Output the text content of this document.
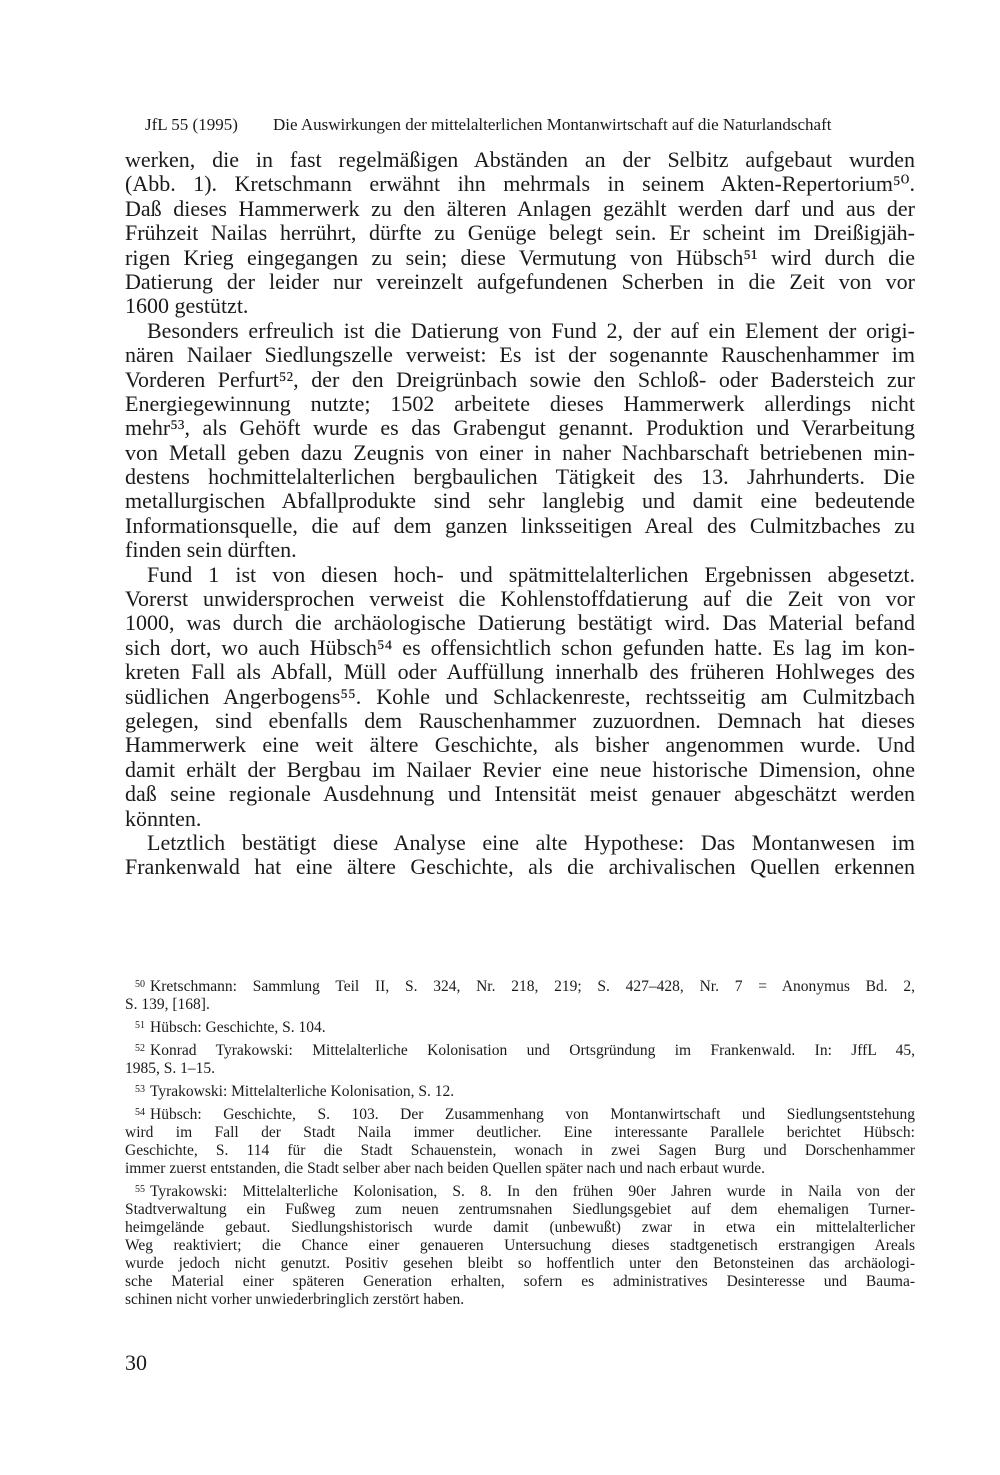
JfL 55 (1995) Die Auswirkungen der mittelalterlichen Montanwirtschaft auf die Naturlandschaft

werken, die in fast regelmäßigen Abständen an der Selbitz aufgebaut wurden
(Abb. 1). Kretschmann erwähnt ihn mehrmals in seinem Akten-Repertorium⁵⁰.
Daß dieses Hammerwerk zu den älteren Anlagen gezählt werden darf und aus der
Frühzeit Nailas herrührt, dürfte zu Genüge belegt sein. Er scheint im Dreißigjäh-
rigen Krieg eingegangen zu sein; diese Vermutung von Hübsch⁵¹ wird durch die
Datierung der leider nur vereinzelt aufgefundenen Scherben in die Zeit von vor
1600 gestützt.

Besonders erfreulich ist die Datierung von Fund 2, der auf ein Element der origi-
nären Nailaer Siedlungszelle verweist: Es ist der sogenannte Rauschenhammer im
Vorderen Perfurt⁵², der den Dreigrünbach sowie den Schloß- oder Badersteich zur
Energiegewinnung nutzte; 1502 arbeitete dieses Hammerwerk allerdings nicht
mehr⁵³, als Gehöft wurde es das Grabengut genannt. Produktion und Verarbeitung
von Metall geben dazu Zeugnis von einer in naher Nachbarschaft betriebenen min-
destens hochmittelalterlichen bergbaulichen Tätigkeit des 13. Jahrhunderts. Die
metallurgischen Abfallprodukte sind sehr langlebig und damit eine bedeutende
Informationsquelle, die auf dem ganzen linksseitigen Areal des Culmitzbaches zu
finden sein dürften.

Fund 1 ist von diesen hoch- und spätmittelalterlichen Ergebnissen abgesetzt.
Vorerst unwidersprochen verweist die Kohlenstoffdatierung auf die Zeit von vor
1000, was durch die archäologische Datierung bestätigt wird. Das Material befand
sich dort, wo auch Hübsch⁵⁴ es offensichtlich schon gefunden hatte. Es lag im kon-
kreten Fall als Abfall, Müll oder Auffüllung innerhalb des früheren Hohlweges des
südlichen Angerbogens⁵⁵. Kohle und Schlackenreste, rechtsseitig am Culmitzbach
gelegen, sind ebenfalls dem Rauschenhammer zuzuordnen. Demnach hat dieses
Hammerwerk eine weit ältere Geschichte, als bisher angenommen wurde. Und
damit erhält der Bergbau im Nailaer Revier eine neue historische Dimension, ohne
daß seine regionale Ausdehnung und Intensität meist genauer abgeschätzt werden
könnten.

Letztlich bestätigt diese Analyse eine alte Hypothese: Das Montanwesen im
Frankenwald hat eine ältere Geschichte, als die archivalischen Quellen erkennen

$^{50}$ Kretschmann: Sammlung Teil II, S. 324, Nr. 218, 219; S. 427–428, Nr. 7 = Anonymus Bd. 2,
S. 139, [168].
$^{51}$ Hübsch: Geschichte, S. 104.
$^{52}$ Konrad Tyrakowski: Mittelalterliche Kolonisation und Ortsgründung im Frankenwald. In: JffL 45,
1985, S. 1–15.
$^{53}$ Tyrakowski: Mittelalterliche Kolonisation, S. 12.
$^{54}$ Hübsch: Geschichte, S. 103. Der Zusammenhang von Montanwirtschaft und Siedlungsentstehung
wird im Fall der Stadt Naila immer deutlicher. Eine interessante Parallele berichtet Hübsch:
Geschichte, S. 114 für die Stadt Schauenstein, wonach in zwei Sagen Burg und Dorschenhammer
immer zuerst entstanden, die Stadt selber aber nach beiden Quellen später nach und nach erbaut wurde.
$^{55}$ Tyrakowski: Mittelalterliche Kolonisation, S. 8. In den frühen 90er Jahren wurde in Naila von der
Stadtverwaltung ein Fußweg zum neuen zentrumsnahen Siedlungsgebiet auf dem ehemaligen Turner-
heimgelände gebaut. Siedlungshistorisch wurde damit (unbewußt) zwar in etwa ein mittelalterlicher
Weg reaktiviert; die Chance einer genaueren Untersuchung dieses stadtgenetisch erstrangigen Areals
wurde jedoch nicht genutzt. Positiv gesehen bleibt so hoffentlich unter den Betonsteinen das archäologi-
sche Material einer späteren Generation erhalten, sofern es administratives Desinteresse und Bauma-
schinen nicht vorher unwiederbringlich zerstört haben.
30
